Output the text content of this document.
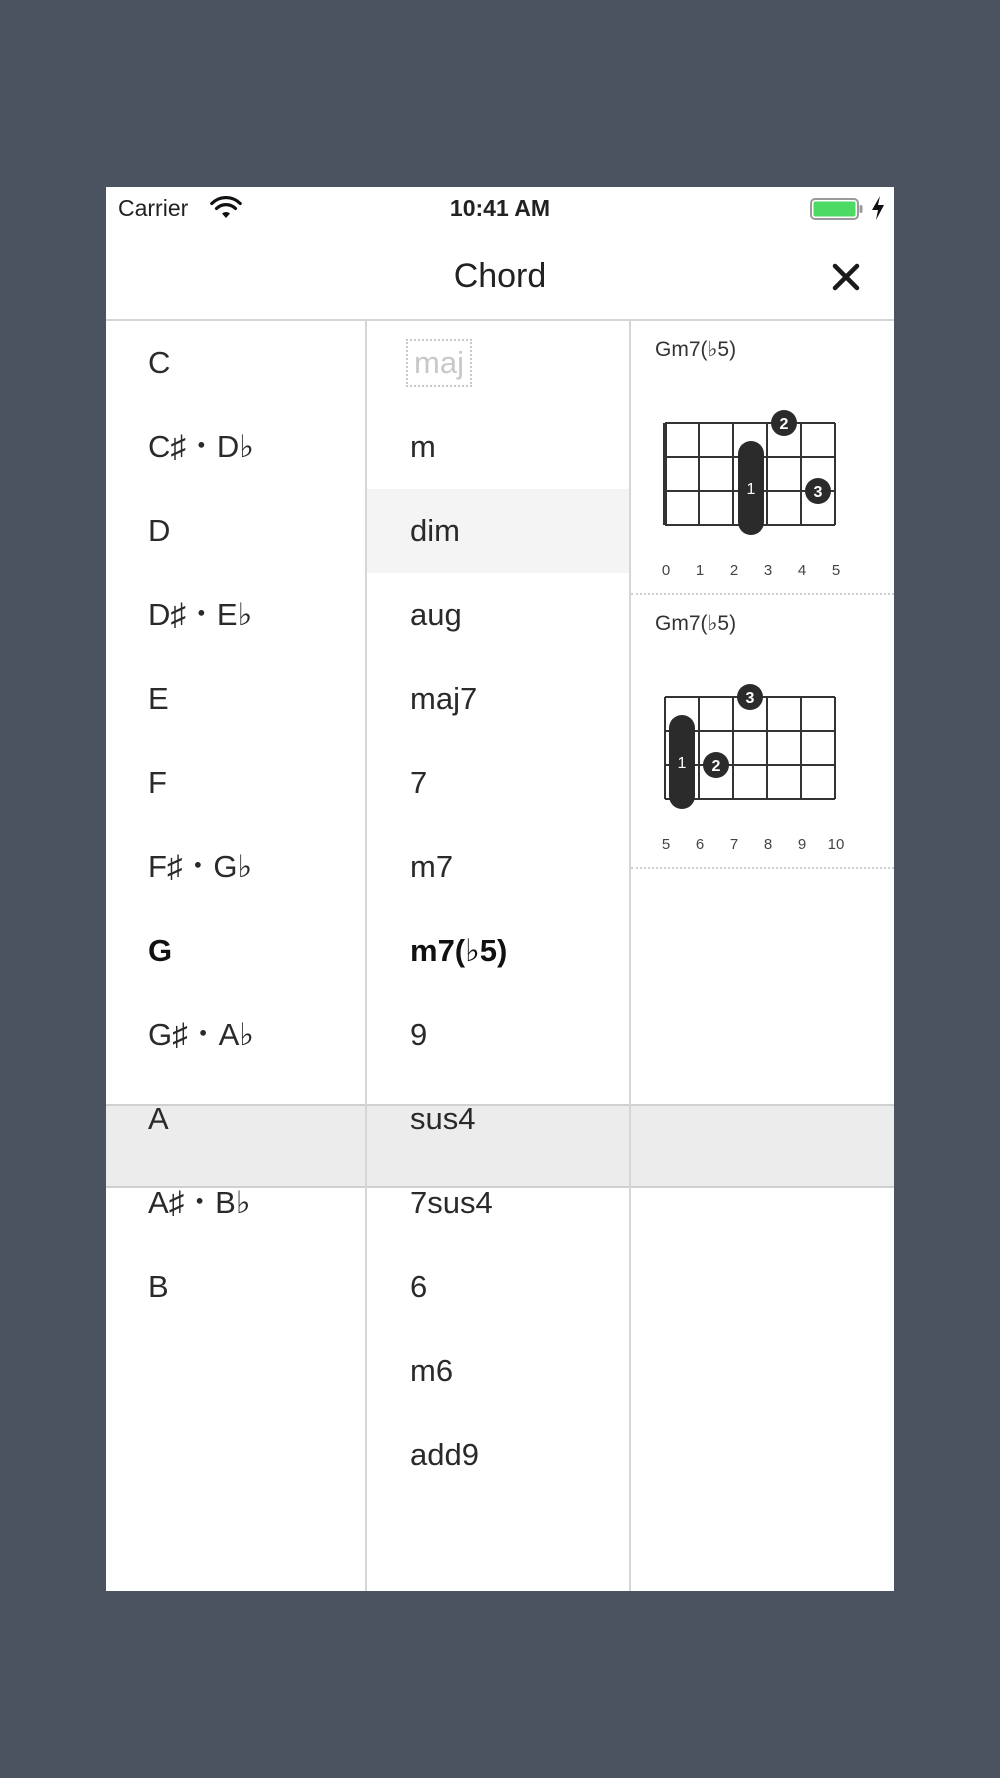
Carrier	10:41 AM
Chord
C
C♯・D♭
D
D♯・E♭
E
F
F♯・G♭
G
G♯・A♭
A
A♯・B♭
B
maj
m
dim
aug
maj7
7
m7
m7(♭5)
9
sus4
7sus4
6
m6
add9
Gm7(♭5)
1
2
3
0	1	2	3	4	5
Gm7(♭5)
1
3
2
5	6	7	8	9	10
